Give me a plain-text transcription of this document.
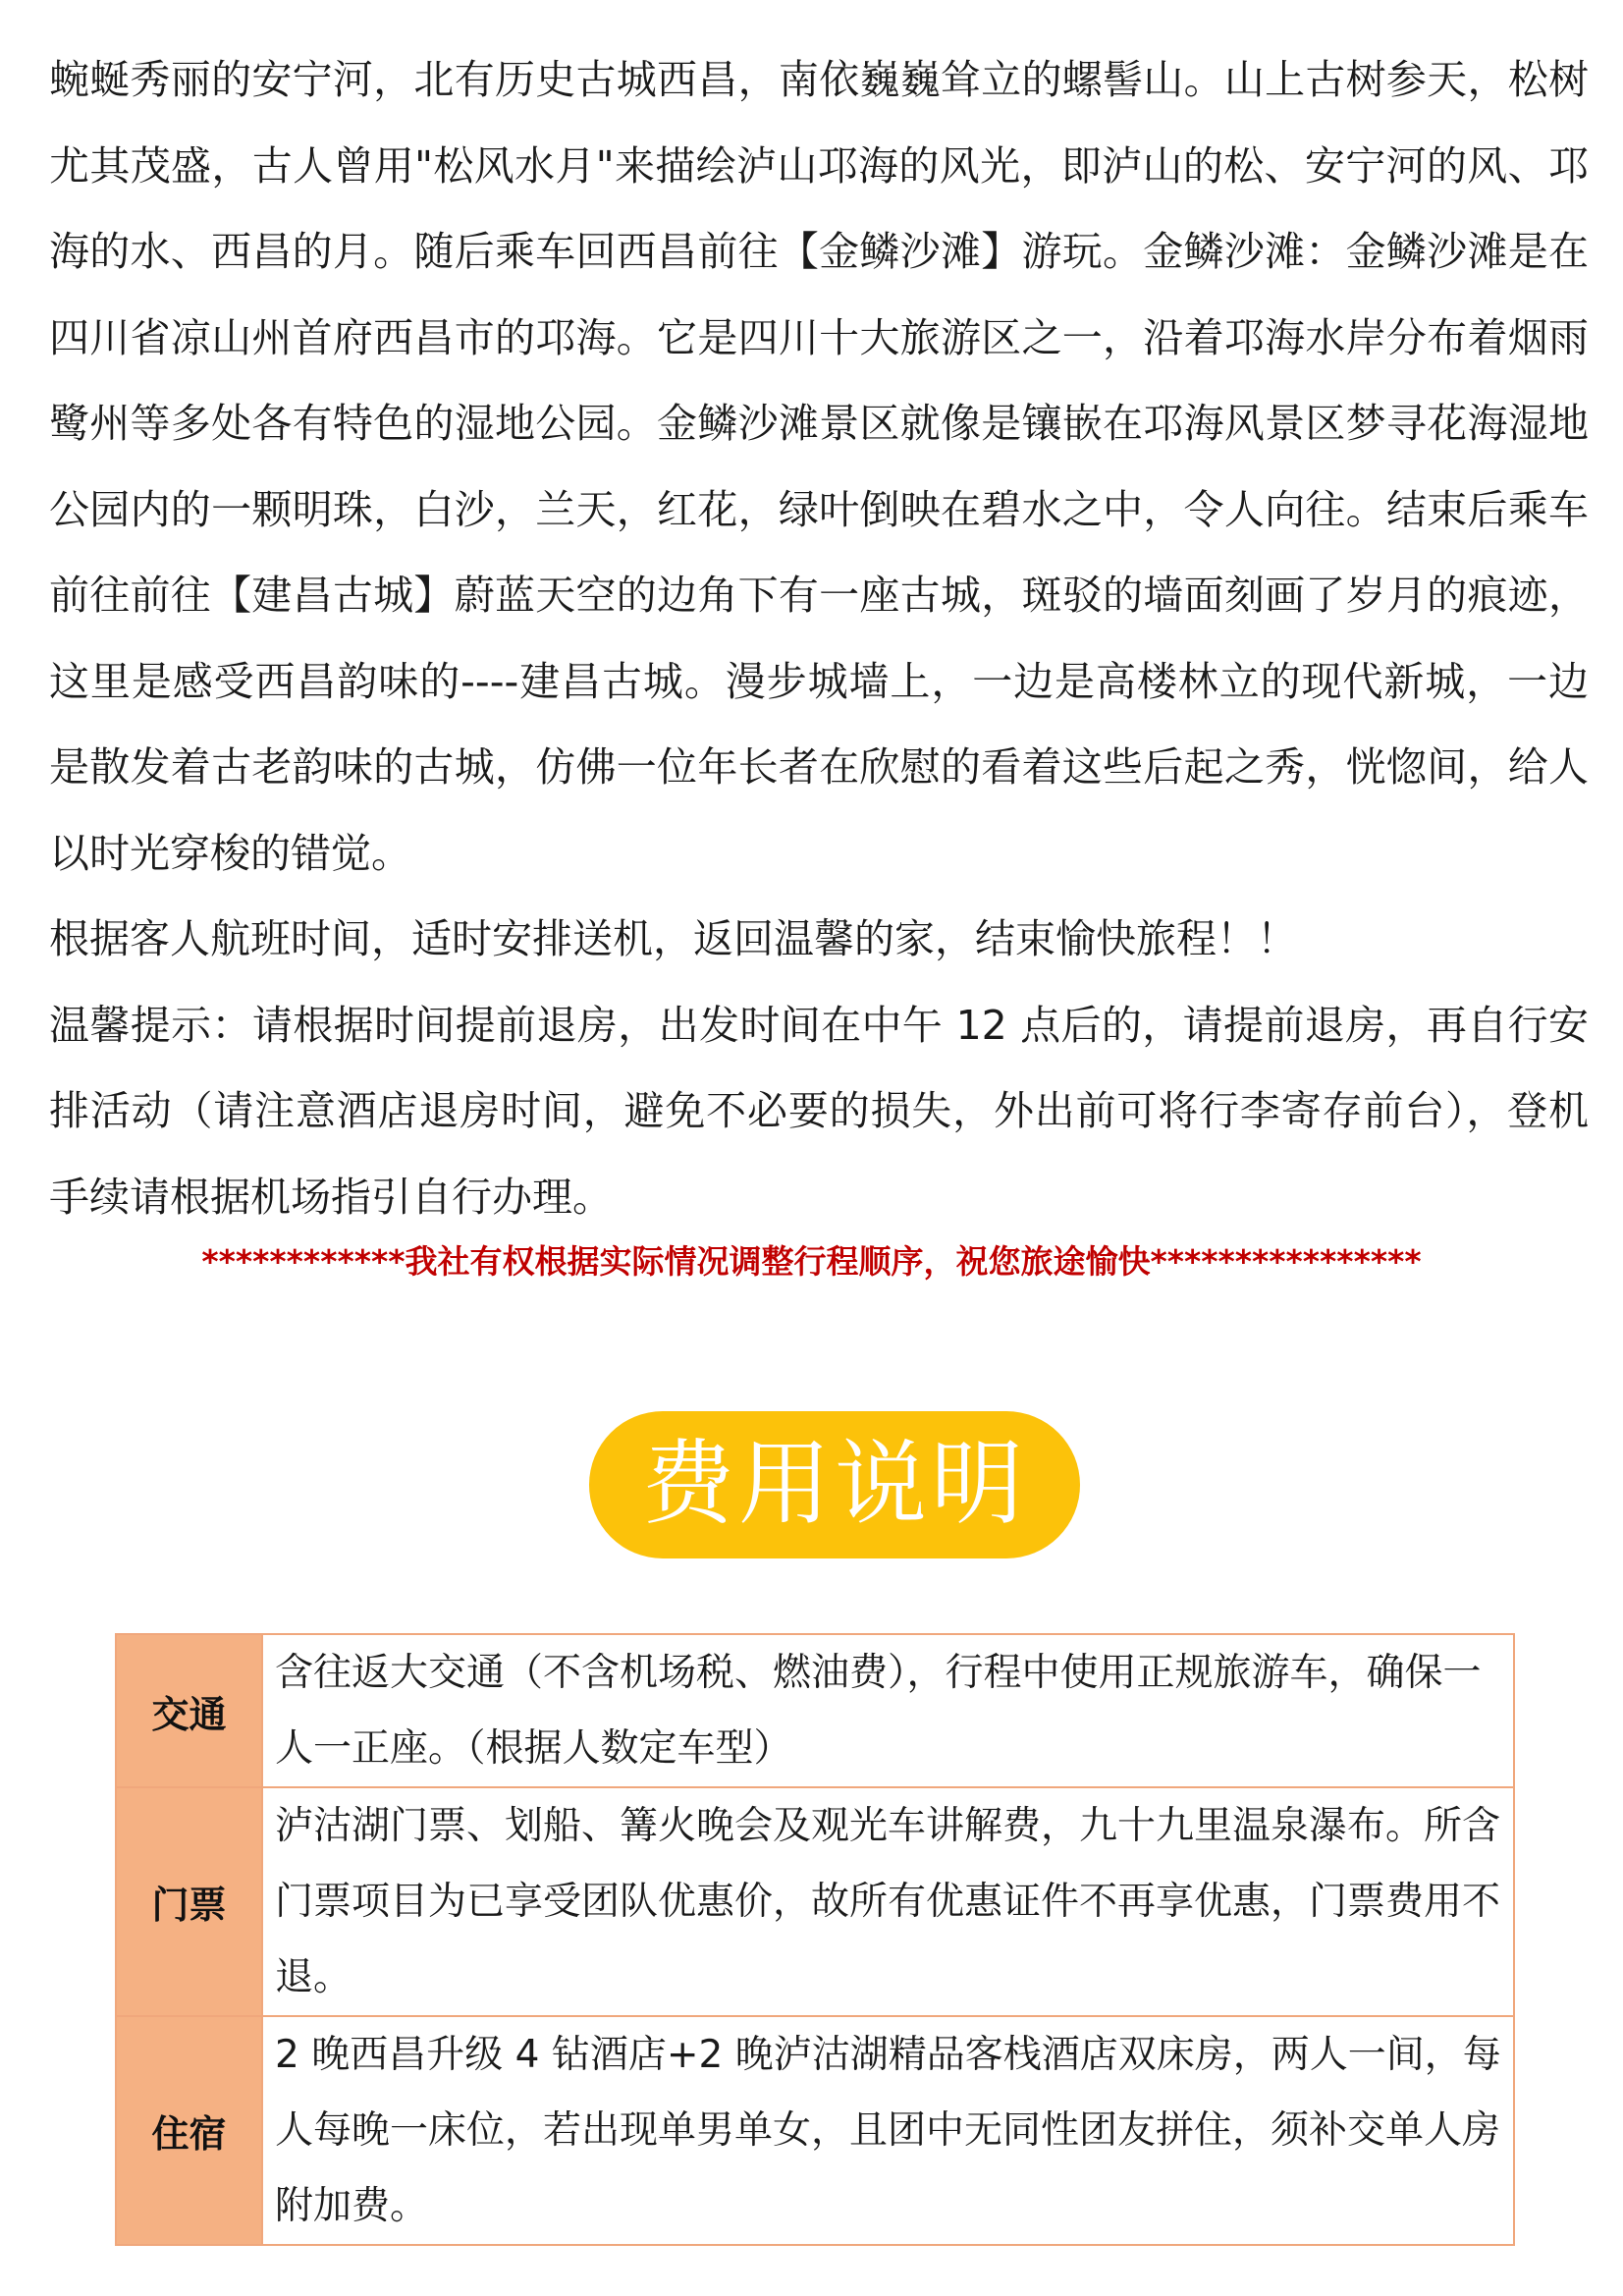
蜿蜒秀丽的安宁河，北有历史古城西昌，南依巍巍耸立的螺髻山。山上古树参天，松树尤其茂盛，古人曾用"松风水月"来描绘泸山邛海的风光，即泸山的松、安宁河的风、邛海的水、西昌的月。随后乘车回西昌前往【金鳞沙滩】游玩。金鳞沙滩：金鳞沙滩是在四川省凉山州首府西昌市的邛海。它是四川十大旅游区之一，沿着邛海水岸分布着烟雨鹭州等多处各有特色的湿地公园。金鳞沙滩景区就像是镶嵌在邛海风景区梦寻花海湿地公园内的一颗明珠，白沙，兰天，红花，绿叶倒映在碧水之中，令人向往。结束后乘车前往前往【建昌古城】蔚蓝天空的边角下有一座古城，斑驳的墙面刻画了岁月的痕迹，这里是感受西昌韵味的----建昌古城。漫步城墙上，一边是高楼林立的现代新城，一边是散发着古老韵味的古城，仿佛一位年长者在欣慰的看着这些后起之秀，恍惚间，给人以时光穿梭的错觉。

根据客人航班时间，适时安排送机，返回温馨的家，结束愉快旅程！！

温馨提示：请根据时间提前退房，出发时间在中午 12 点后的，请提前退房，再自行安排活动（请注意酒店退房时间，避免不必要的损失，外出前可将行李寄存前台），登机手续请根据机场指引自行办理。

************我社有权根据实际情况调整行程顺序，祝您旅途愉快****************
费用说明
交通	含往返大交通（不含机场税、燃油费），行程中使用正规旅游车，确保一人一正座。（根据人数定车型）
门票	泸沽湖门票、划船、篝火晚会及观光车讲解费，九十九里温泉瀑布。所含门票项目为已享受团队优惠价，故所有优惠证件不再享优惠，门票费用不退。
住宿	2 晚西昌升级 4 钻酒店+2 晚泸沽湖精品客栈酒店双床房，两人一间，每人每晚一床位，若出现单男单女，且团中无同性团友拼住，须补交单人房附加费。
